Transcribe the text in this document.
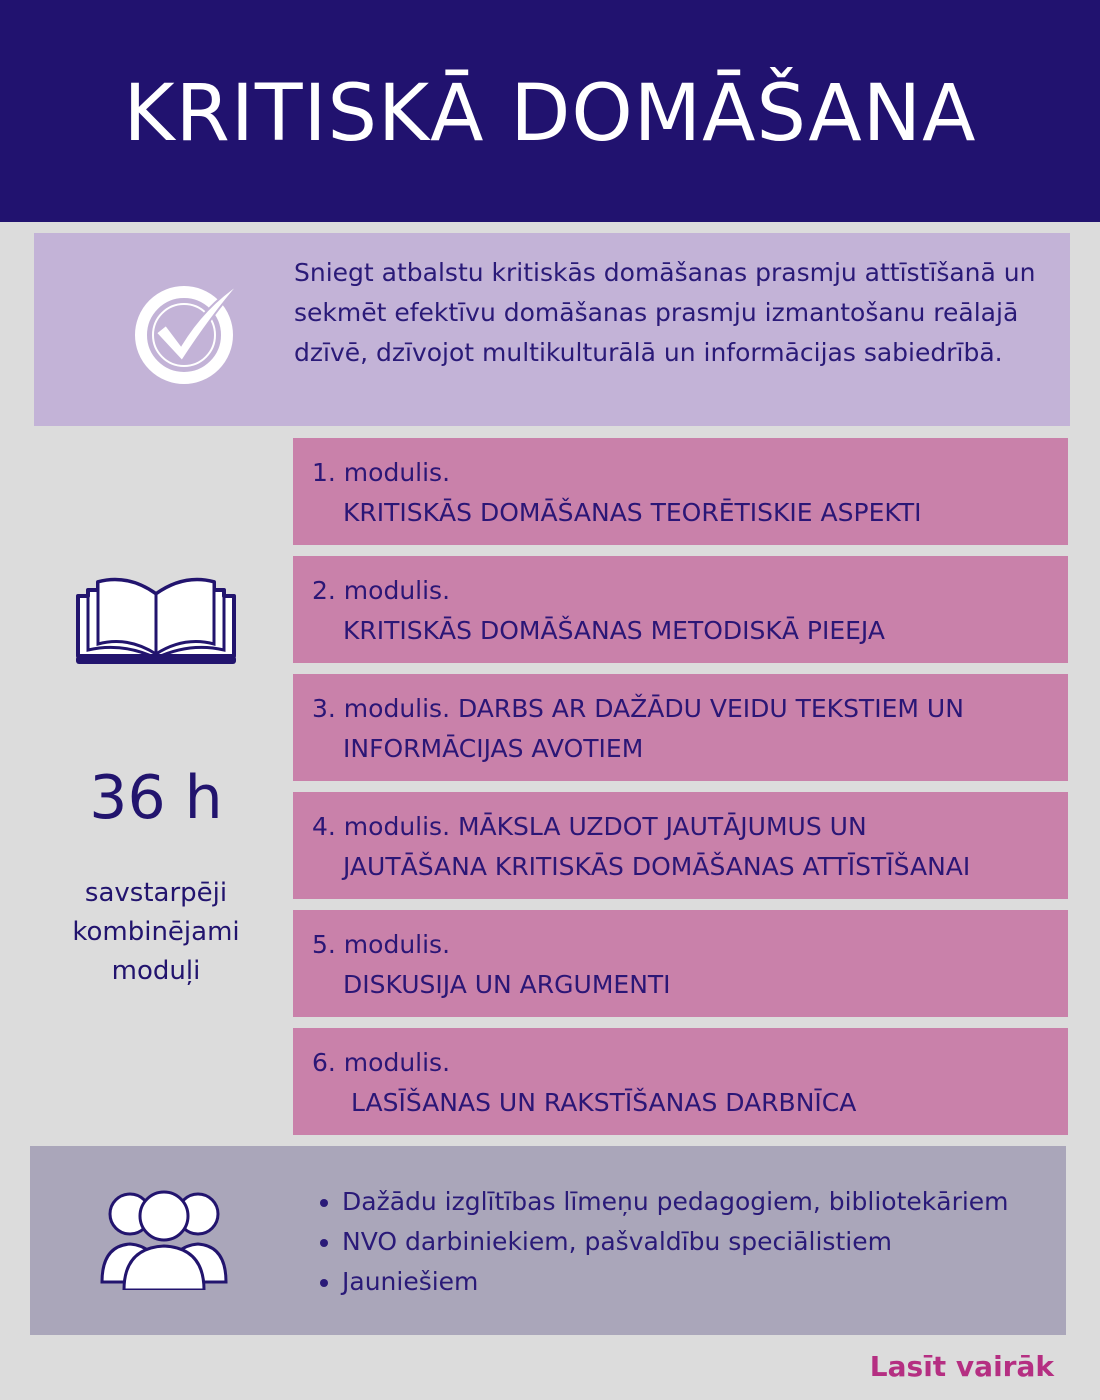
KRITISKĀ DOMĀŠANA

Sniegt atbalstu kritiskās domāšanas prasmju attīstīšanā un sekmēt efektīvu domāšanas prasmju izmantošanu reālajā dzīvē, dzīvojot multikulturālā un informācijas sabiedrībā.

36 h
savstarpēji
kombinējami
moduļi
1. modulis.
KRITISKĀS DOMĀŠANAS TEORĒTISKIE ASPEKTI
2. modulis.
KRITISKĀS DOMĀŠANAS METODISKĀ PIEEJA
3. modulis. DARBS AR DAŽĀDU VEIDU TEKSTIEM UN
INFORMĀCIJAS AVOTIEM
4. modulis. MĀKSLA UZDOT JAUTĀJUMUS UN
JAUTĀŠANA KRITISKĀS DOMĀŠANAS ATTĪSTĪŠANAI
5. modulis.
DISKUSIJA UN ARGUMENTI
6. modulis.
LASĪŠANAS UN RAKSTĪŠANAS DARBNĪCA
• Dažādu izglītības līmeņu pedagogiem, bibliotekāriem
• NVO darbiniekiem, pašvaldību speciālistiem
• Jauniešiem
Lasīt vairāk
